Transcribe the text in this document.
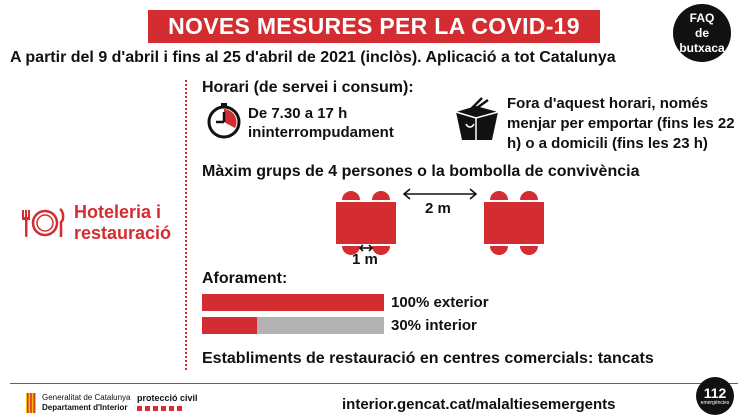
NOVES MESURES PER LA COVID-19	FAQ
de
butxaca
A partir del 9 d'abril i fins al 25 d'abril de 2021 (inclòs). Aplicació a tot Catalunya
Hoteleria i restauració
Horari (de servei i consum):
De 7.30 a 17 h
ininterrompudament
Fora d'aquest horari, només menjar per emportar (fins les 22 h) o a domicili (fins les 23 h)
Màxim grups de 4 persones o la bombolla de convivència
2 m
1 m
Aforament:
100% exterior
30% interior
Establiments de restauració en centres comercials: tancats
Generalitat de Catalunya
Departament d'Interior
protecció civil	interior.gencat.cat/malaltiesemergents
112
emergències
